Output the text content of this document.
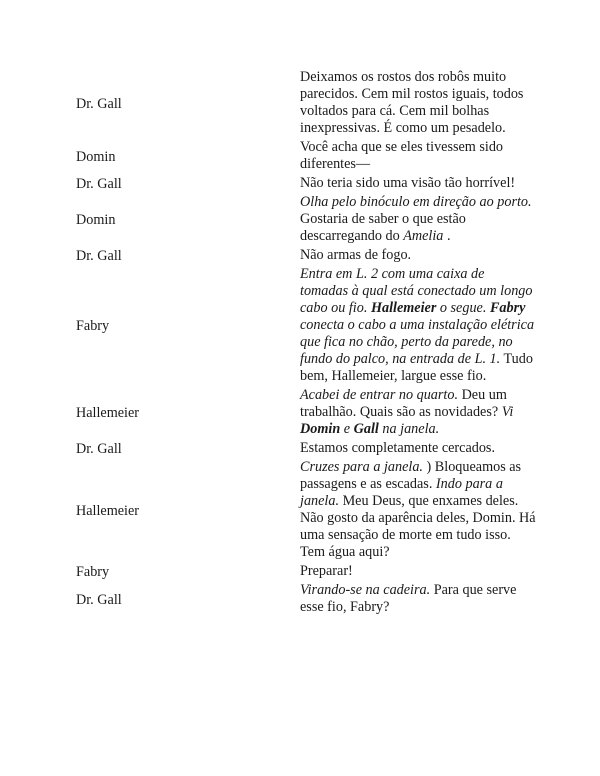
Dr. Gall	Deixamos os rostos dos robôs muito parecidos. Cem mil rostos iguais, todos voltados para cá. Cem mil bolhas inexpressivas. É como um pesadelo.
Domin	Você acha que se eles tivessem sido diferentes—
Dr. Gall	Não teria sido uma visão tão horrível!
Domin	Olha pelo binóculo em direção ao porto. Gostaria de saber o que estão descarregando do Amelia .
Dr. Gall	Não armas de fogo.
Fabry	Entra em L. 2 com uma caixa de tomadas à qual está conectado um longo cabo ou fio. Hallemeier o segue. Fabry conecta o cabo a uma instalação elétrica que fica no chão, perto da parede, no fundo do palco, na entrada de L. 1. Tudo bem, Hallemeier, largue esse fio.
Hallemeier	Acabei de entrar no quarto. Deu um trabalhão. Quais são as novidades? Vi Domin e Gall na janela.
Dr. Gall	Estamos completamente cercados.
Hallemeier	Cruzes para a janela. ) Bloqueamos as passagens e as escadas. Indo para a janela. Meu Deus, que enxames deles. Não gosto da aparência deles, Domin. Há uma sensação de morte em tudo isso. Tem água aqui?
Fabry	Preparar!
Dr. Gall	Virando-se na cadeira. Para que serve esse fio, Fabry?
